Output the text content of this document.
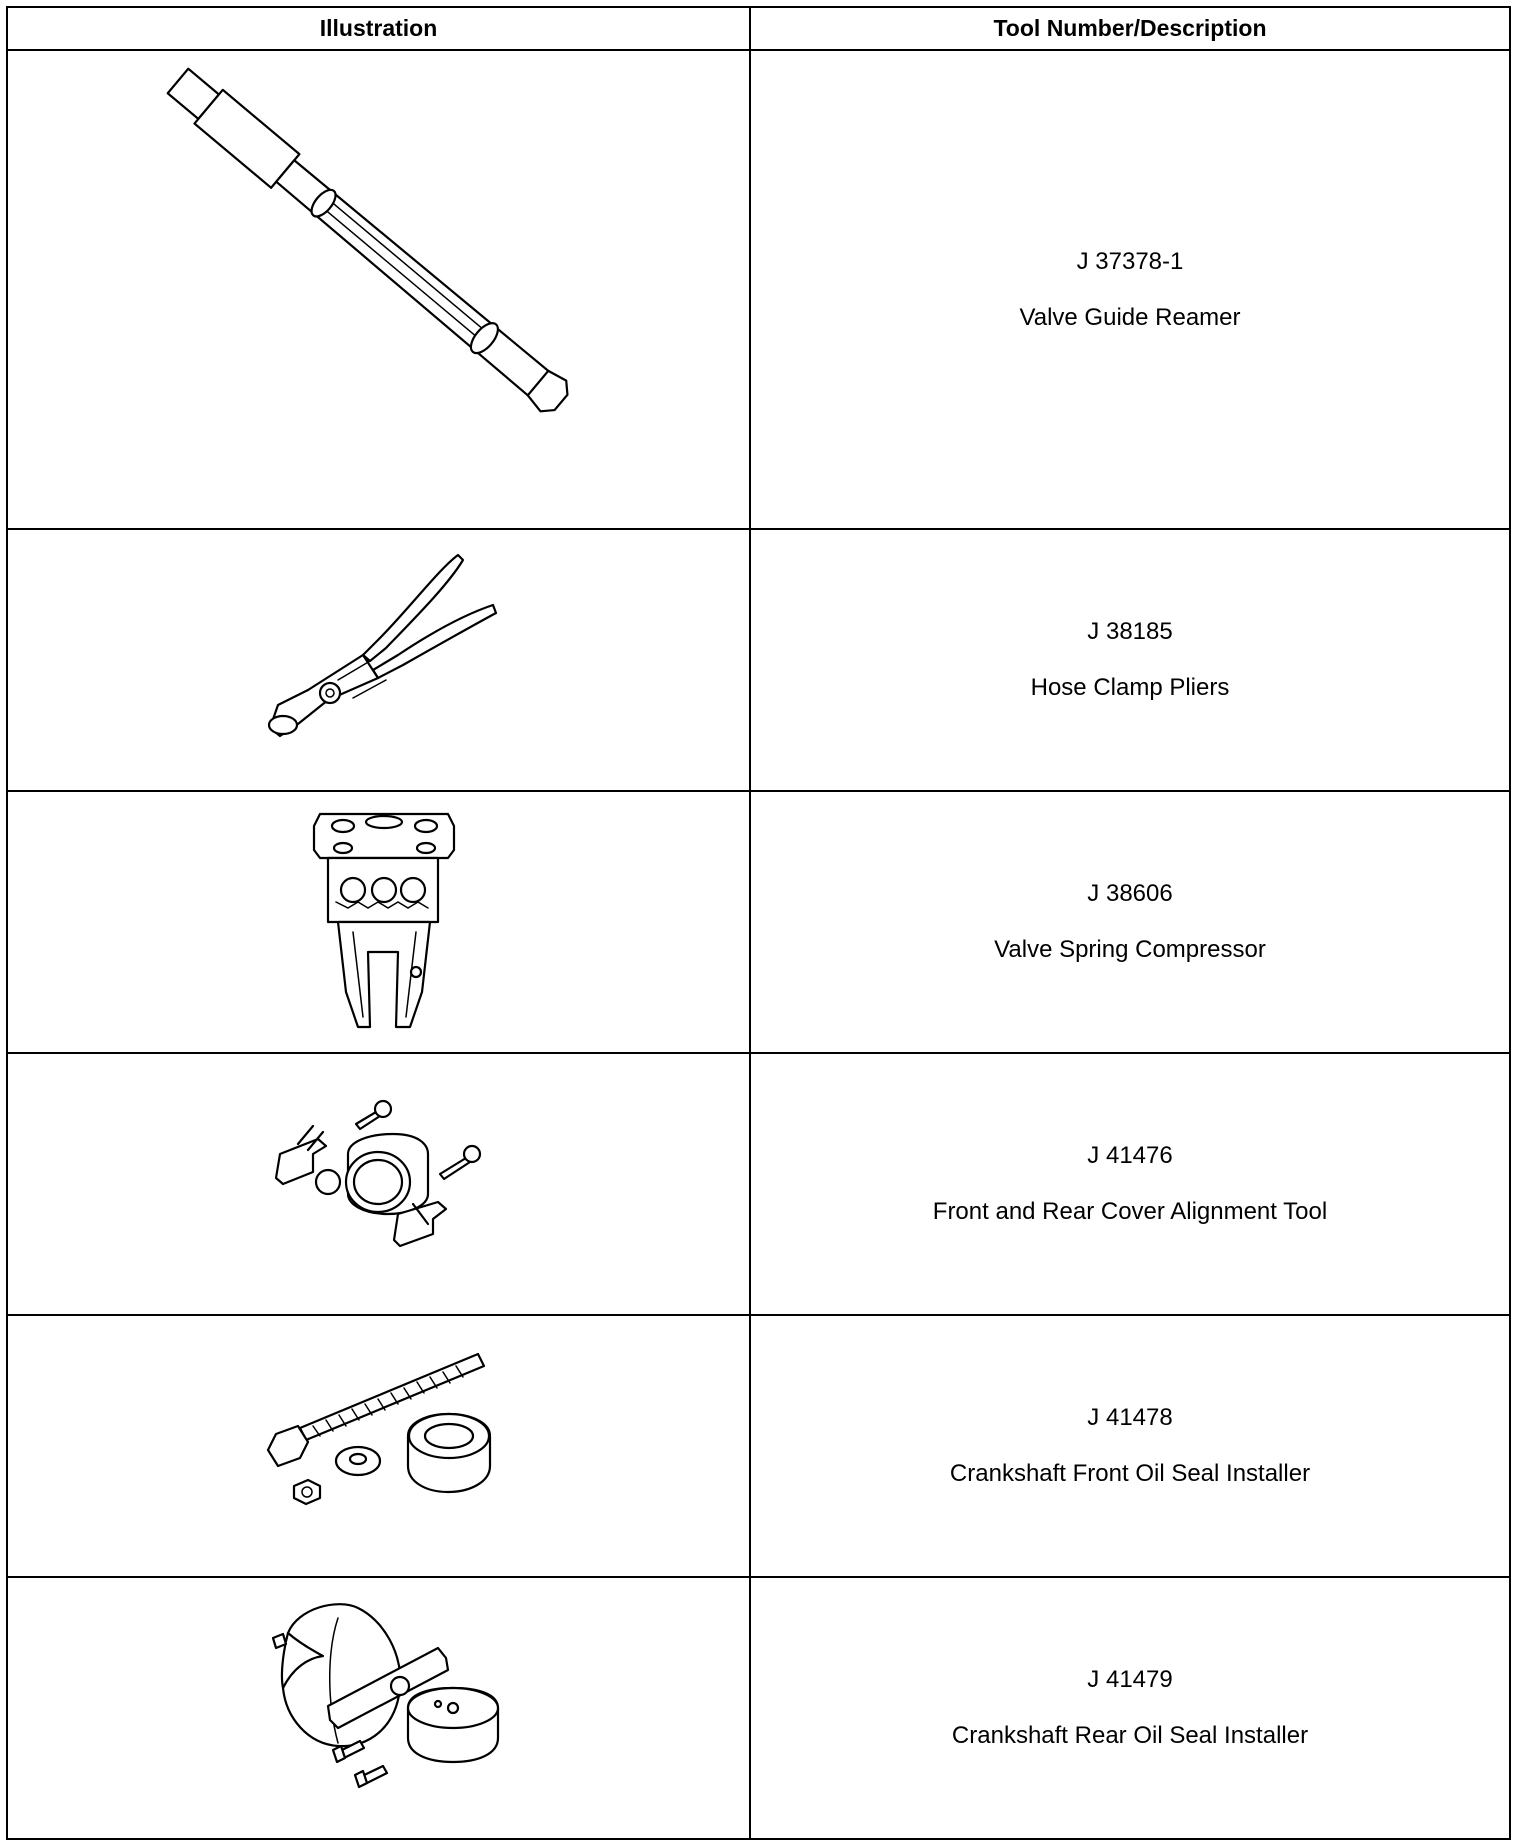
Illustration	Tool Number/Description

J 37378-1
Valve Guide Reamer

J 38185
Hose Clamp Pliers

J 38606
Valve Spring Compressor

J 41476
Front and Rear Cover Alignment Tool

J 41478
Crankshaft Front Oil Seal Installer

J 41479
Crankshaft Rear Oil Seal Installer
